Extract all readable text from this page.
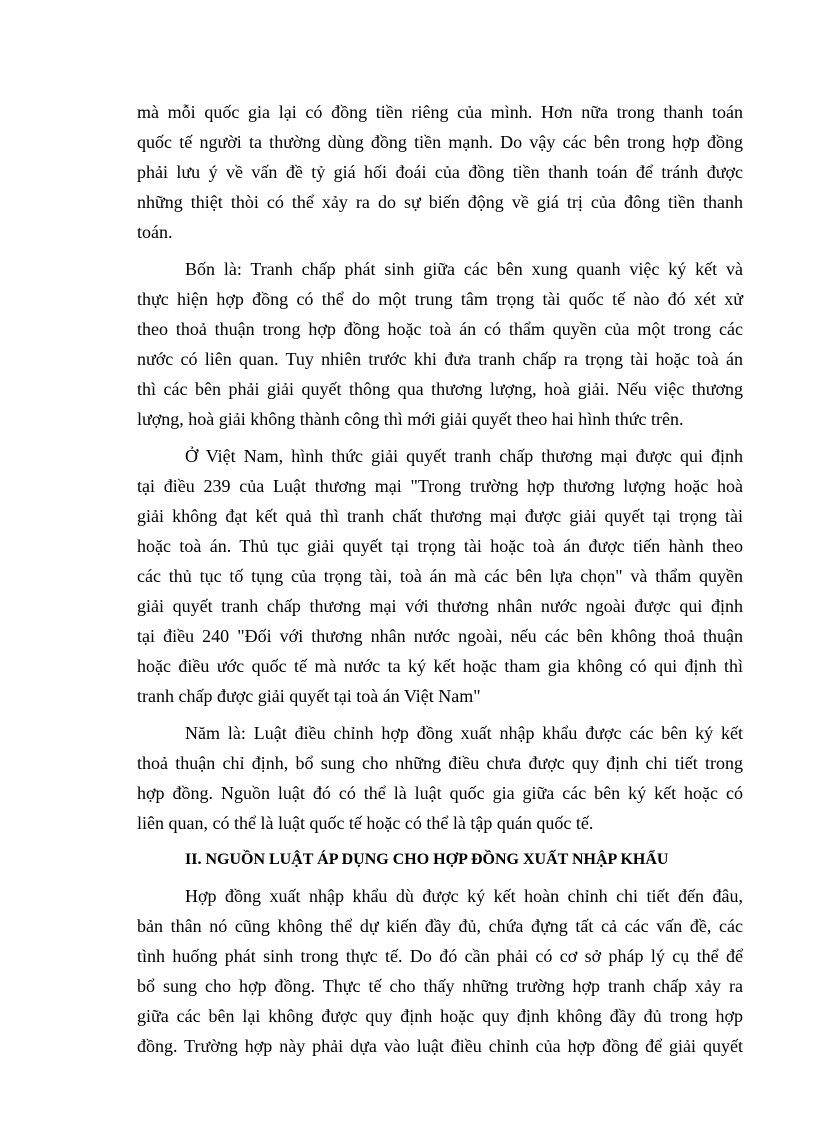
mà mỗi quốc gia lại có đồng tiền riêng của mình. Hơn nữa trong thanh toán
quốc tế người ta thường dùng đồng tiền mạnh. Do vậy các bên trong hợp đồng
phải lưu ý về vấn đề tỷ giá hối đoái của đồng tiền thanh toán để tránh được
những thiệt thòi có thể xảy ra do sự biến động về giá trị của đông tiền thanh
toán.
Bốn là: Tranh chấp phát sinh giữa các bên xung quanh việc ký kết và
thực hiện hợp đồng có thể do một trung tâm trọng tài quốc tế nào đó xét xử
theo thoả thuận trong hợp đồng hoặc toà án có thẩm quyền của một trong các
nước có liên quan. Tuy nhiên trước khi đưa tranh chấp ra trọng tài hoặc toà án
thì các bên phải giải quyết thông qua thương lượng, hoà giải. Nếu việc thương
lượng, hoà giải không thành công thì mới giải quyết theo hai hình thức trên.
Ở Việt Nam, hình thức giải quyết tranh chấp thương mại được qui định
tại điều 239 của Luật thương mại "Trong trường hợp thương lượng hoặc hoà
giải không đạt kết quả thì tranh chất thương mại được giải quyết tại trọng tài
hoặc toà án. Thủ tục giải quyết tại trọng tài hoặc toà án được tiến hành theo
các thủ tục tố tụng của trọng tài, toà án mà các bên lựa chọn" và thẩm quyền
giải quyết tranh chấp thương mại với thương nhân nước ngoài được qui định
tại điều 240 "Đối với thương nhân nước ngoài, nếu các bên không thoả thuận
hoặc điều ước quốc tế mà nước ta ký kết hoặc tham gia không có qui định thì
tranh chấp được giải quyết tại toà án Việt Nam"
Năm là: Luật điều chỉnh hợp đồng xuất nhập khẩu được các bên ký kết
thoả thuận chỉ định, bổ sung cho những điều chưa được quy định chi tiết trong
hợp đồng. Nguồn luật đó có thể là luật quốc gia giữa các bên ký kết hoặc có
liên quan, có thể là luật quốc tế hoặc có thể là tập quán quốc tế.
II. NGUỒN LUẬT ÁP DỤNG CHO HỢP ĐỒNG XUẤT NHẬP KHẨU
Hợp đồng xuất nhập khẩu dù được ký kết hoàn chỉnh chi tiết đến đâu,
bản thân nó cũng không thể dự kiến đầy đủ, chứa đựng tất cả các vấn đề, các
tình huống phát sinh trong thực tế. Do đó cần phải có cơ sở pháp lý cụ thể để
bổ sung cho hợp đồng. Thực tế cho thấy những trường hợp tranh chấp xảy ra
giữa các bên lại không được quy định hoặc quy định không đầy đủ trong hợp
đồng. Trường hợp này phải dựa vào luật điều chỉnh của hợp đồng để giải quyết
